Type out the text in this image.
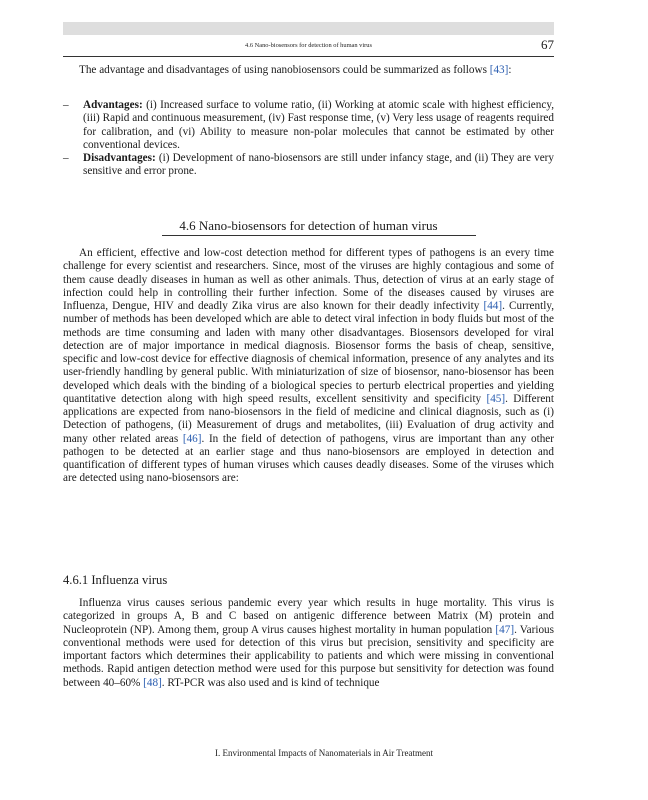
4.6 Nano-biosensors for detection of human virus	67

The advantage and disadvantages of using nanobiosensors could be summarized as follows [43]:

– Advantages: (i) Increased surface to volume ratio, (ii) Working at atomic scale with highest efficiency, (iii) Rapid and continuous measurement, (iv) Fast response time, (v) Very less usage of reagents required for calibration, and (vi) Ability to measure non-polar molecules that cannot be estimated by other conventional devices.
– Disadvantages: (i) Development of nano-biosensors are still under infancy stage, and (ii) They are very sensitive and error prone.
4.6 Nano-biosensors for detection of human virus

An efficient, effective and low-cost detection method for different types of pathogens is an every time challenge for every scientist and researchers. Since, most of the viruses are highly contagious and some of them cause deadly diseases in human as well as other animals. Thus, detection of virus at an early stage of infection could help in controlling their further infection. Some of the diseases caused by viruses are Influenza, Dengue, HIV and deadly Zika virus are also known for their deadly infectivity [44]. Currently, number of methods has been developed which are able to detect viral infection in body fluids but most of the methods are time consuming and laden with many other disadvantages. Biosensors developed for viral detection are of major importance in medical diagnosis. Biosensor forms the basis of cheap, sensitive, specific and low-cost device for effective diagnosis of chemical information, presence of any analytes and its user-friendly handling by general public. With miniaturization of size of biosensor, nano-biosensor has been developed which deals with the binding of a biological species to perturb electrical properties and yielding quantitative detection along with high speed results, excellent sensitivity and specificity [45]. Different applications are expected from nano-biosensors in the field of medicine and clinical diagnosis, such as (i) Detection of pathogens, (ii) Measurement of drugs and metabolites, (iii) Evaluation of drug activity and many other related areas [46]. In the field of detection of pathogens, virus are important than any other pathogen to be detected at an earlier stage and thus nano-biosensors are employed in detection and quantification of different types of human viruses which causes deadly diseases. Some of the viruses which are detected using nano-biosensors are:

4.6.1 Influenza virus

Influenza virus causes serious pandemic every year which results in huge mortality. This virus is categorized in groups A, B and C based on antigenic difference between Matrix (M) protein and Nucleoprotein (NP). Among them, group A virus causes highest mortality in human population [47]. Various conventional methods were used for detection of this virus but precision, sensitivity and specificity are important factors which determines their applicability to patients and which were missing in conventional methods. Rapid antigen detection method were used for this purpose but sensitivity for detection was found between 40–60% [48]. RT-PCR was also used and is kind of technique

I. Environmental Impacts of Nanomaterials in Air Treatment
